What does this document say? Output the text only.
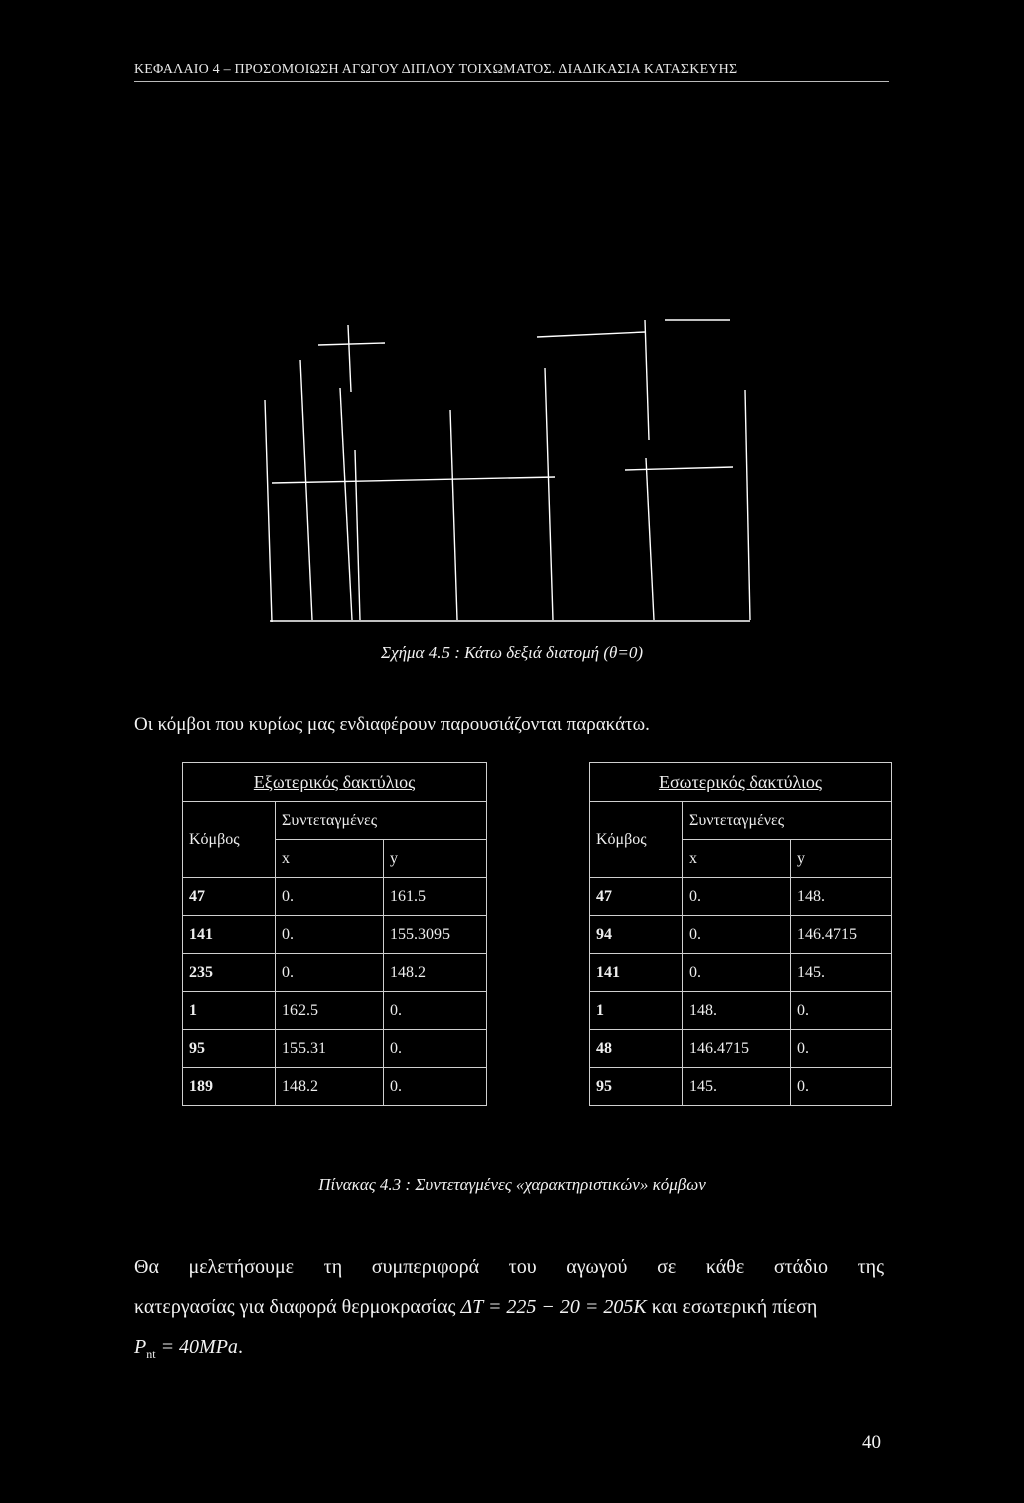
ΚΕΦΑΛΑΙΟ 4 – ΠΡΟΣΟΜΟΙΩΣΗ ΑΓΩΓΟΥ ΔΙΠΛΟΥ ΤΟΙΧΩΜΑΤΟΣ. ΔΙΑΔΙΚΑΣΙΑ ΚΑΤΑΣΚΕΥΗΣ
Σχήμα 4.5 : Κάτω δεξιά διατομή (θ=0)
Οι κόμβοι που κυρίως μας ενδιαφέρουν παρουσιάζονται παρακάτω.
Εξωτερικός δακτύλιος		
Κόμβος	Συντεταγμένες	
	x	y
47	0.	161.5
141	0.	155.3095
235	0.	148.2
1	162.5	0.
95	155.31	0.
189	148.2	0.
Εσωτερικός δακτύλιος		
Κόμβος	Συντεταγμένες	
	x	y
47	0.	148.
94	0.	146.4715
141	0.	145.
1	148.	0.
48	146.4715	0.
95	145.	0.
Πίνακας 4.3 : Συντεταγμένες «χαρακτηριστικών» κόμβων
Θα μελετήσουμε τη συμπεριφορά του αγωγού σε κάθε στάδιο της
κατεργασίας για διαφορά θερμοκρασίας ΔT = 225 − 20 = 205K και εσωτερική πίεση
$P_{nt} = 40MPa$.
40
